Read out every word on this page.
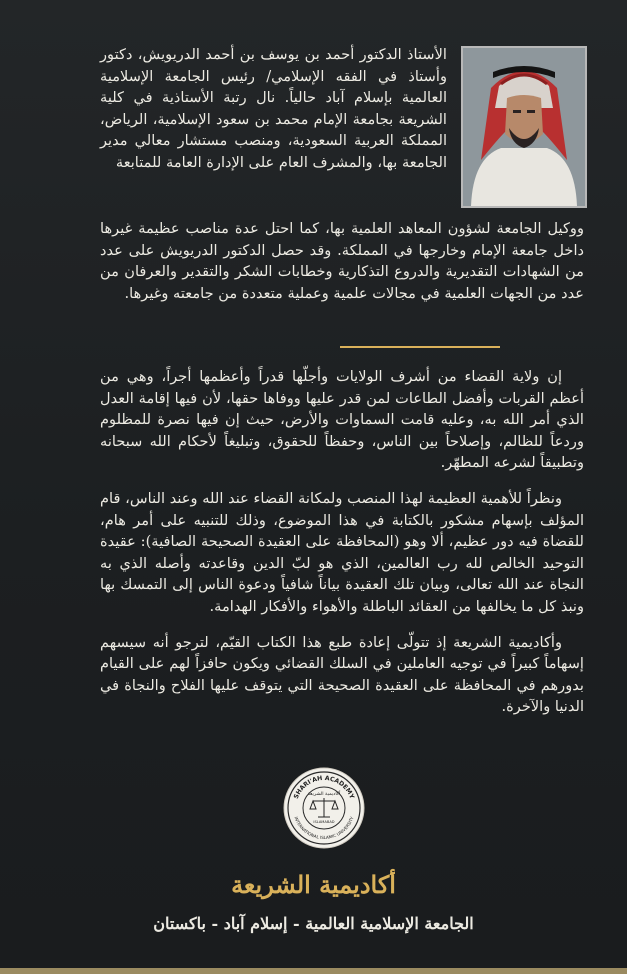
الأستاذ الدكتور أحمد بن يوسف بن أحمد الدريويش، دكتور وأستاذ في الفقه الإسلامي/ رئيس الجامعة الإسلامية العالمية بإسلام آباد حالياً. نال رتبة الأستاذية في كلية الشريعة بجامعة الإمام محمد بن سعود الإسلامية، الرياض، المملكة العربية السعودية، ومنصب مستشار معالي مدير الجامعة بها، والمشرف العام على الإدارة العامة للمتابعة

ووكيل الجامعة لشؤون المعاهد العلمية بها، كما احتل عدة مناصب عظيمة غيرها داخل جامعة الإمام وخارجها في المملكة. وقد حصل الدكتور الدريويش على عدد من الشهادات التقديرية والدروع التذكارية وخطابات الشكر والتقدير والعرفان من عدد من الجهات العلمية في مجالات علمية وعملية متعددة من جامعته وغيرها.

إن ولاية القضاء من أشرف الولايات وأجلّها قدراً وأعظمها أجراً، وهي من أعظم القربات وأفضل الطاعات لمن قدر عليها ووفاها حقها، لأن فيها إقامة العدل الذي أمر الله به، وعليه قامت السماوات والأرض، حيث إن فيها نصرة للمظلوم وردعاً للظالم، وإصلاحاً بين الناس، وحفظاً للحقوق، وتبليغاً لأحكام الله سبحانه وتطبيقاً لشرعه المطهّر.

ونظراً للأهمية العظيمة لهذا المنصب ولمكانة القضاء عند الله وعند الناس، قام المؤلف بإسهام مشكور بالكتابة في هذا الموضوع، وذلك للتنبيه على أمر هام، للقضاة فيه دور عظيم، ألا وهو (المحافظة على العقيدة الصحيحة الصافية): عقيدة التوحيد الخالص لله رب العالمين، الذي هو لبّ الدين وقاعدته وأصله الذي به النجاة عند الله تعالى، وبيان تلك العقيدة بياناً شافياً ودعوة الناس إلى التمسك بها ونبذ كل ما يخالفها من العقائد الباطلة والأهواء والأفكار الهدامة.

وأكاديمية الشريعة إذ تتولّى إعادة طبع هذا الكتاب القيّم، لترجو أنه سيسهم إسهاماً كبيراً في توجيه العاملين في السلك القضائي ويكون حافزاً لهم على القيام بدورهم في المحافظة على العقيدة الصحيحة التي يتوقف عليها الفلاح والنجاة في الدنيا والآخرة.

SHARI'AH ACADEMY
INTERNATIONAL ISLAMIC UNIVERSITY
أكاديمية الشريعة
ISLAMABAD

أكاديمية الشريعة

الجامعة الإسلامية العالمية - إسلام آباد - باكستان
